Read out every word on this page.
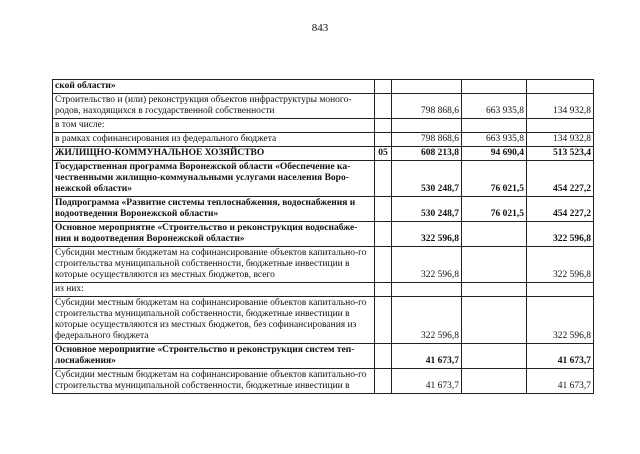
843
ской области»				
Строительство и (или) реконструкция объектов инфраструктуры моного-родов, находящихся в государственной собственности		798 868,6	663 935,8	134 932,8
в том числе:				
в рамках софинансирования из федерального бюджета		798 868,6	663 935,8	134 932,8
ЖИЛИЩНО-КОММУНАЛЬНОЕ ХОЗЯЙСТВО	05	608 213,8	94 690,4	513 523,4
Государственная программа Воронежской области «Обеспечение ка-чественными жилищно-коммунальными услугами населения Воро-нежской области»		530 248,7	76 021,5	454 227,2
Подпрограмма «Развитие системы теплоснабжения, водоснабжения и водоотведения Воронежской области»		530 248,7	76 021,5	454 227,2
Основное мероприятие «Строительство и реконструкция водоснабже-ния и водоотведения Воронежской области»		322 596,8		322 596,8
Субсидии местным бюджетам на софинансирование объектов капитально-го строительства муниципальной собственности, бюджетные инвестиции в которые осуществляются из местных бюджетов, всего		322 596,8		322 596,8
из них:				
Субсидии местным бюджетам на софинансирование объектов капитально-го строительства муниципальной собственности, бюджетные инвестиции в которые осуществляются из местных бюджетов, без софинансирования из федерального бюджета		322 596,8		322 596,8
Основное мероприятие «Строительство и реконструкция систем теп-лоснабжения»		41 673,7		41 673,7
Субсидии местным бюджетам на софинансирование объектов капитально-го строительства муниципальной собственности, бюджетные инвестиции в		41 673,7		41 673,7
